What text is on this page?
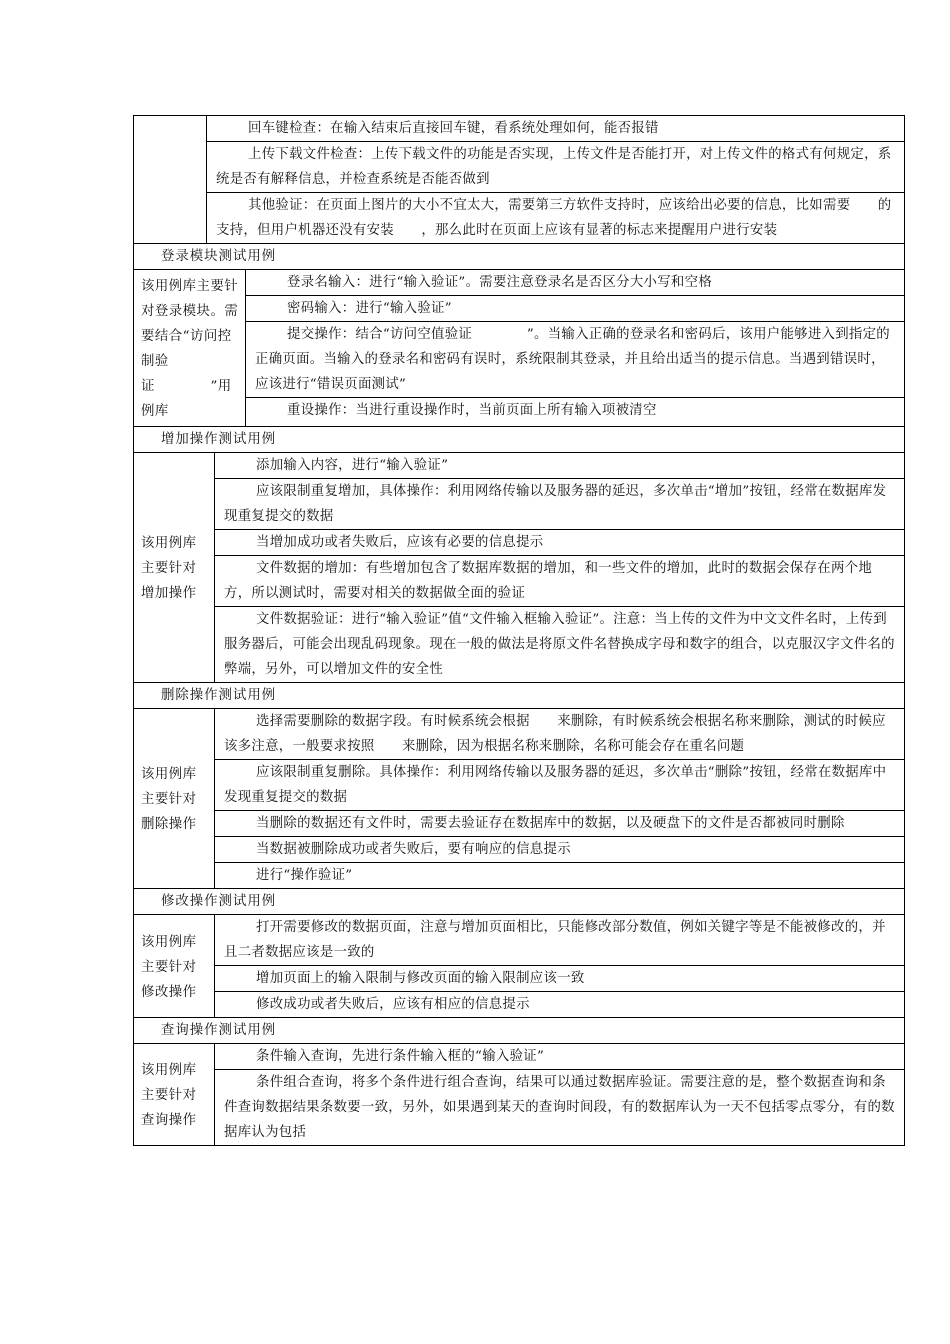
回车键检查：在输入结束后直接回车键，看系统处理如何，能否报错
上传下载文件检查：上传下载文件的功能是否实现，上传文件是否能打开，对上传文件的格式有何规定，系统是否有解释信息，并检查系统是否能否做到
其他验证：在页面上图片的大小不宜太大，需要第三方软件支持时，应该给出必要的信息，比如需要　　的支持，但用户机器还没有安装　　，那么此时在页面上应该有显著的标志来提醒用户进行安装
登录模块测试用例
该用例库主要针对登录模块。需要结合“访问控制验证　　　　”用例库
登录名输入：进行“输入验证”。需要注意登录名是否区分大小写和空格
密码输入：进行“输入验证”
提交操作：结合“访问空值验证　　　　”。当输入正确的登录名和密码后，该用户能够进入到指定的正确页面。当输入的登录名和密码有误时，系统限制其登录，并且给出适当的提示信息。当遇到错误时，应该进行“错误页面测试”
重设操作：当进行重设操作时，当前页面上所有输入项被清空
增加操作测试用例
该用例库主要针对增加操作
添加输入内容，进行“输入验证”
应该限制重复增加，具体操作：利用网络传输以及服务器的延迟，多次单击“增加”按钮，经常在数据库发现重复提交的数据
当增加成功或者失败后，应该有必要的信息提示
文件数据的增加：有些增加包含了数据库数据的增加，和一些文件的增加，此时的数据会保存在两个地方，所以测试时，需要对相关的数据做全面的验证
文件数据验证：进行“输入验证”值“文件输入框输入验证”。注意：当上传的文件为中文文件名时，上传到服务器后，可能会出现乱码现象。现在一般的做法是将原文件名替换成字母和数字的组合，以克服汉字文件名的弊端，另外，可以增加文件的安全性
删除操作测试用例
该用例库主要针对删除操作
选择需要删除的数据字段。有时候系统会根据　　来删除，有时候系统会根据名称来删除，测试的时候应该多注意，一般要求按照　　来删除，因为根据名称来删除，名称可能会存在重名问题
应该限制重复删除。具体操作：利用网络传输以及服务器的延迟，多次单击“删除”按钮，经常在数据库中发现重复提交的数据
当删除的数据还有文件时，需要去验证存在数据库中的数据，以及硬盘下的文件是否都被同时删除
当数据被删除成功或者失败后，要有响应的信息提示
进行“操作验证”
修改操作测试用例
该用例库主要针对修改操作
打开需要修改的数据页面，注意与增加页面相比，只能修改部分数值，例如关键字等是不能被修改的，并且二者数据应该是一致的
增加页面上的输入限制与修改页面的输入限制应该一致
修改成功或者失败后，应该有相应的信息提示
查询操作测试用例
该用例库主要针对查询操作
条件输入查询，先进行条件输入框的“输入验证”
条件组合查询，将多个条件进行组合查询，结果可以通过数据库验证。需要注意的是，整个数据查询和条件查询数据结果条数要一致，另外，如果遇到某天的查询时间段，有的数据库认为一天不包括零点零分，有的数据库认为包括
